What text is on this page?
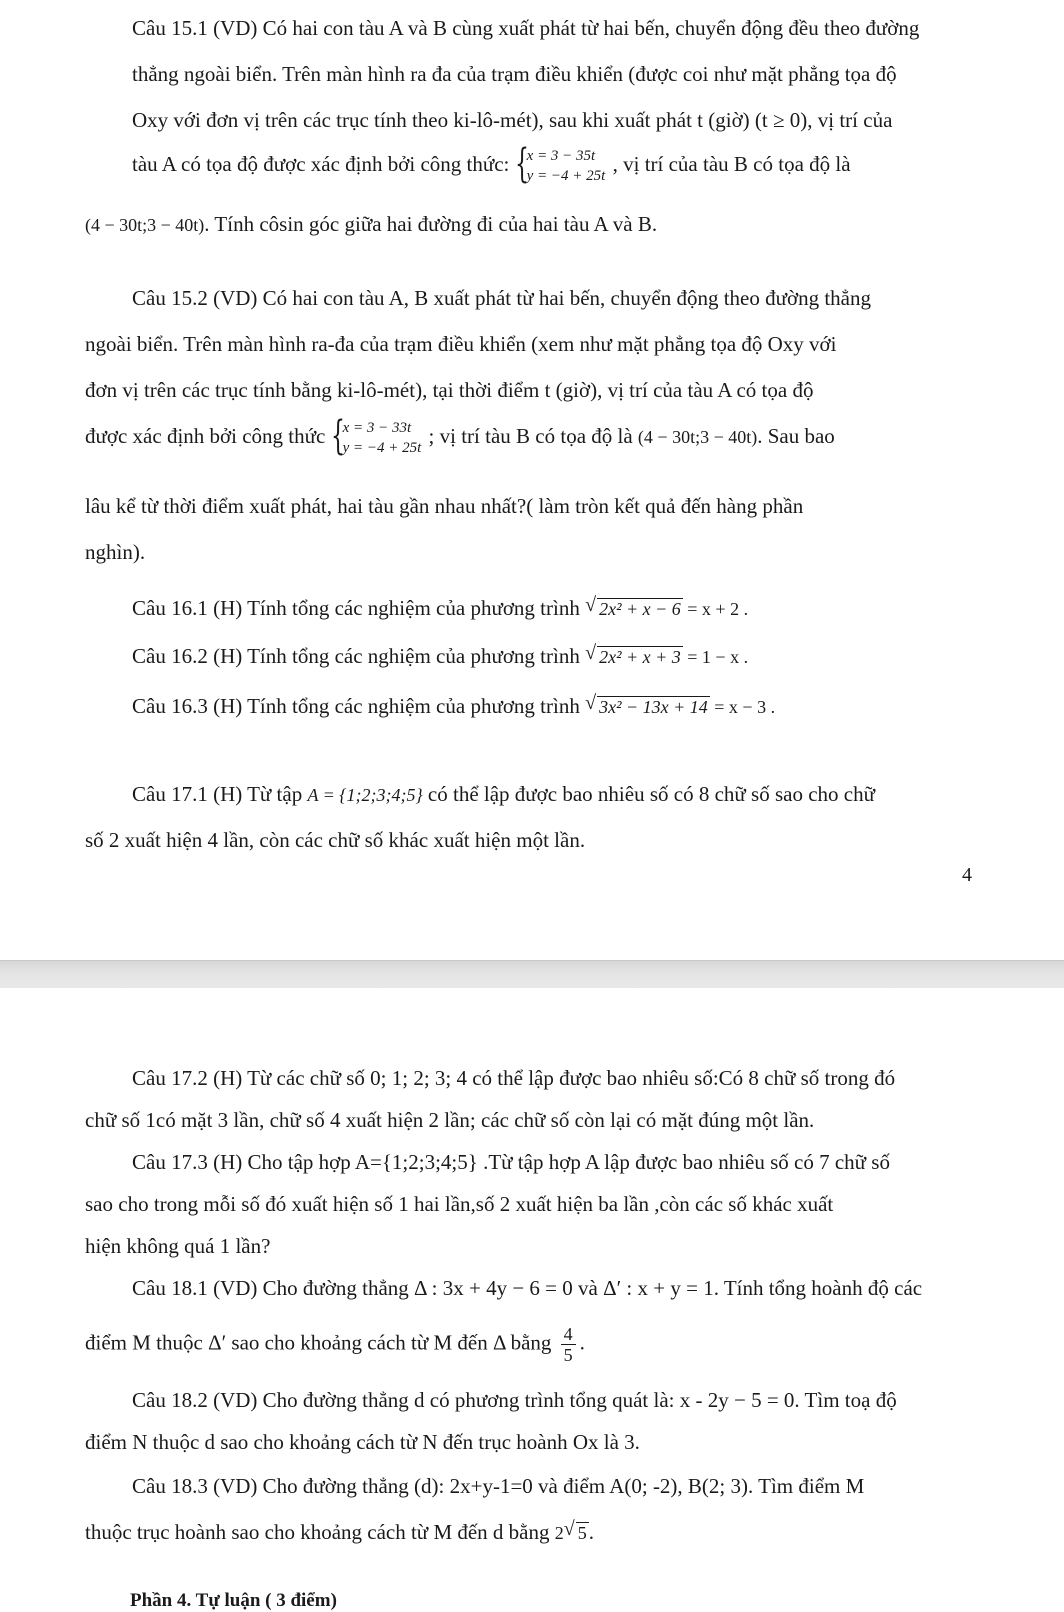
Câu 15.1 (VD) Có hai con tàu A và B cùng xuất phát từ hai bến, chuyển động đều theo đường
thẳng ngoài biển. Trên màn hình ra đa của trạm điều khiển (được coi như mặt phẳng tọa độ
Oxy với đơn vị trên các trục tính theo ki-lô-mét), sau khi xuất phát t (giờ) (t ≥ 0), vị trí của
tàu A có tọa độ được xác định bởi công thức: {
x = 3 − 35t
y = −4 + 25t
, vị trí của tàu B có tọa độ là
(4 − 30t;3 − 40t). Tính côsin góc giữa hai đường đi của hai tàu A và B.
Câu 15.2 (VD) Có hai con tàu A, B xuất phát từ hai bến, chuyển động theo đường thẳng
ngoài biển. Trên màn hình ra-đa của trạm điều khiển (xem như mặt phẳng tọa độ Oxy với
đơn vị trên các trục tính bằng ki-lô-mét), tại thời điểm t (giờ), vị trí của tàu A có tọa độ
được xác định bởi công thức {
x = 3 − 33t
y = −4 + 25t
; vị trí tàu B có tọa độ là (4 − 30t;3 − 40t). Sau bao
lâu kể từ thời điểm xuất phát, hai tàu gần nhau nhất?( làm tròn kết quả đến hàng phần
nghìn).
Câu 16.1 (H) Tính tổng các nghiệm của phương trình √ 2x² + x − 6 = x + 2 .
Câu 16.2 (H) Tính tổng các nghiệm của phương trình √ 2x² + x + 3 = 1 − x .
Câu 16.3 (H) Tính tổng các nghiệm của phương trình √ 3x² − 13x + 14 = x − 3 .
Câu 17.1 (H) Từ tập A = {1;2;3;4;5} có thể lập được bao nhiêu số có 8 chữ số sao cho chữ
số 2 xuất hiện 4 lần, còn các chữ số khác xuất hiện một lần.
4
Câu 17.2 (H) Từ các chữ số 0; 1; 2; 3; 4 có thể lập được bao nhiêu số:Có 8 chữ số trong đó
chữ số 1có mặt 3 lần, chữ số 4 xuất hiện 2 lần; các chữ số còn lại có mặt đúng một lần.
Câu 17.3 (H) Cho tập hợp A={1;2;3;4;5} .Từ tập hợp A lập được bao nhiêu số có 7 chữ số
sao cho trong mỗi số đó xuất hiện số 1 hai lần,số 2 xuất hiện ba lần ,còn các số khác xuất
hiện không quá 1 lần?
Câu 18.1 (VD) Cho đường thẳng Δ : 3x + 4y − 6 = 0 và Δ′ : x + y = 1. Tính tổng hoành độ các
điểm M thuộc Δ′ sao cho khoảng cách từ M đến Δ bằng $\frac{4}{5}$ .
Câu 18.2 (VD) Cho đường thẳng d có phương trình tổng quát là: x - 2y − 5 = 0. Tìm toạ độ
điểm N thuộc d sao cho khoảng cách từ N đến trục hoành Ox là 3.
Câu 18.3 (VD) Cho đường thẳng (d): 2x+y-1=0 và điểm A(0; -2), B(2; 3). Tìm điểm M
thuộc trục hoành sao cho khoảng cách từ M đến d bằng 2 √ 5.
Phần 4. Tự luận ( 3 điểm)
